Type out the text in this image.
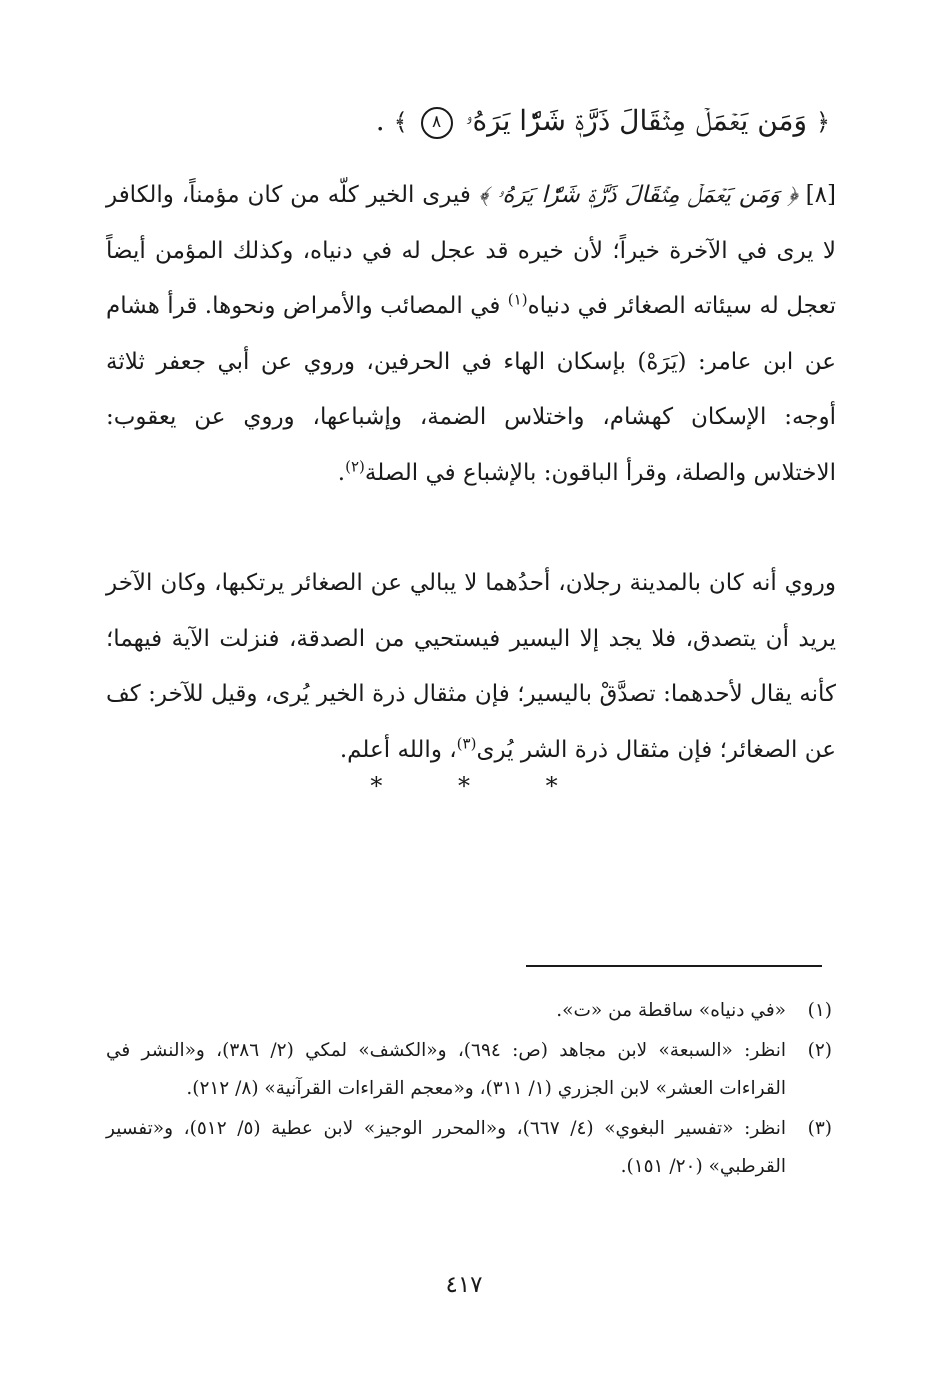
﴿ وَمَن يَعۡمَلۡ مِثۡقَالَ ذَرَّةٖ شَرّٗا يَرَهُۥ ٨ ﴾ .

[٨] ﴿ وَمَن يَعۡمَلۡ مِثۡقَالَ ذَرَّةٖ شَرّٗا يَرَهُۥ ﴾ فيرى الخير كلّه من كان مؤمناً، والكافر لا يرى في الآخرة خيراً؛ لأن خيره قد عجل له في دنياه، وكذلك المؤمن أيضاً تعجل له سيئاته الصغائر في دنياه$^{(١)}$ في المصائب والأمراض ونحوها. قرأ هشام عن ابن عامر: (يَرَهْ) بإسكان الهاء في الحرفين، وروي عن أبي جعفر ثلاثة أوجه: الإسكان كهشام، واختلاس الضمة، وإشباعها، وروي عن يعقوب: الاختلاس والصلة، وقرأ الباقون: بالإشباع في الصلة$^{(٢)}$.

وروي أنه كان بالمدينة رجلان، أحدُهما لا يبالي عن الصغائر يرتكبها، وكان الآخر يريد أن يتصدق، فلا يجد إلا اليسير فيستحيي من الصدقة، فنزلت الآية فيهما؛ كأنه يقال لأحدهما: تصدَّقْ باليسير؛ فإن مثقال ذرة الخير يُرى، وقيل للآخر: كف عن الصغائر؛ فإن مثقال ذرة الشر يُرى$^{(٣)}$، والله أعلم.

* * *
(١)
«في دنياه» ساقطة من «ت».
(٢)
انظر: «السبعة» لابن مجاهد (ص: ٦٩٤)، و«الكشف» لمكي (٢/ ٣٨٦)، و«النشر في القراءات العشر» لابن الجزري (١/ ٣١١)، و«معجم القراءات القرآنية» (٨/ ٢١٢).
(٣)
انظر: «تفسير البغوي» (٤/ ٦٦٧)، و«المحرر الوجيز» لابن عطية (٥/ ٥١٢)، و«تفسير القرطبي» (٢٠/ ١٥١).
٤١٧
